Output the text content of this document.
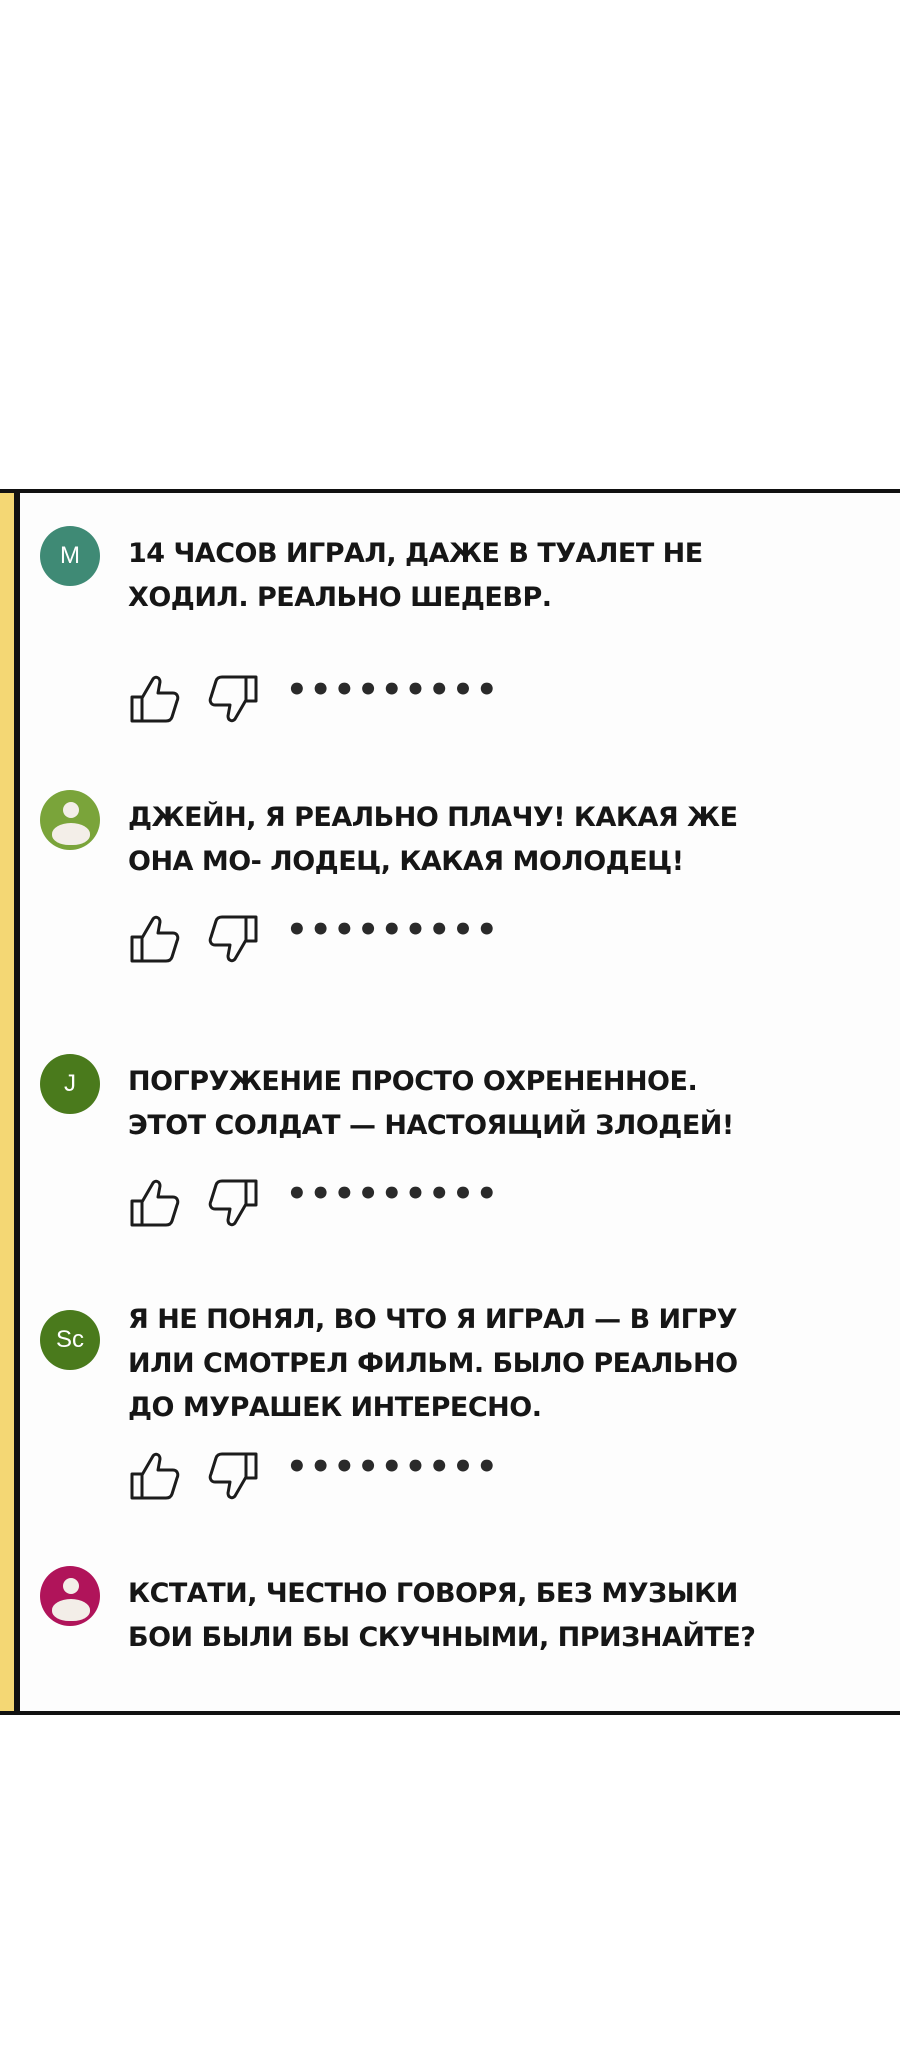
M 14 ЧАСОВ ИГРАЛ, ДАЖЕ В ТУАЛЕТ НЕ ХОДИЛ. РЕАЛЬНО ШЕДЕВР.
•••••••••
ДЖЕЙН, Я РЕАЛЬНО ПЛАЧУ! КАКАЯ ЖЕ ОНА МО- ЛОДЕЦ, КАКАЯ МОЛОДЕЦ!
•••••••••
J ПОГРУЖЕНИЕ ПРОСТО ОХРЕНЕННОЕ. ЭТОТ СОЛДАТ — НАСТОЯЩИЙ ЗЛОДЕЙ!
•••••••••
Sc
Я НЕ ПОНЯЛ, ВО ЧТО Я ИГРАЛ — В ИГРУ ИЛИ СМОТРЕЛ ФИЛЬМ. БЫЛО РЕАЛЬНО ДО МУРАШЕК ИНТЕРЕСНО.
•••••••••
КСТАТИ, ЧЕСТНО ГОВОРЯ, БЕЗ МУЗЫКИ БОИ БЫЛИ БЫ СКУЧНЫМИ, ПРИЗНАЙТЕ?
